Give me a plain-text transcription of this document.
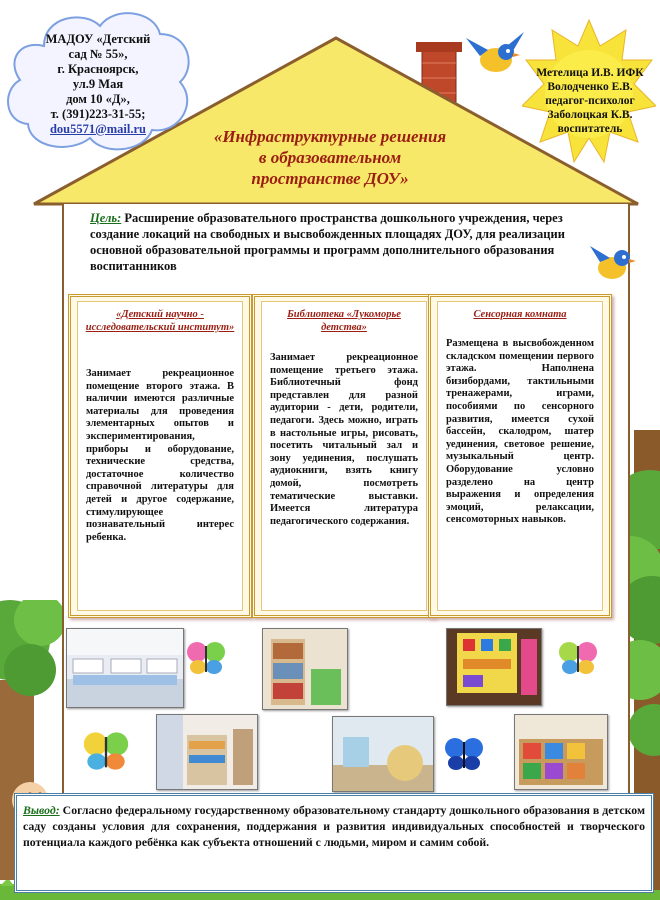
МАДОУ «Детский
сад № 55»,
г. Красноярск,
ул.9 Мая
дом 10 «Д»,
т. (391)223-31-55;
dou5571@mail.ru
Метелица И.В. ИФК
Володченко Е.В.
педагог-психолог
Заболоцкая К.В.
воспитатель
«Инфраструктурные решения
в образовательном
пространстве ДОУ»
Цель: Расширение образовательного пространства дошкольного учреждения, через создание локаций на свободных и высвобожденных площадях ДОУ, для реализации основной образовательной программы и программ дополнительного образования воспитанников
«Детский научно - исследовательский институт»
Занимает рекреационное помещение второго этажа. В наличии имеются различные материалы для проведения элементарных опытов и экспериментирования, приборы и оборудование, технические средства, достаточное количество справочной литературы для детей и другое содержание, стимулирующее познавательный интерес ребенка.
Библиотека «Лукоморье детства»
Занимает рекреационное помещение третьего этажа. Библиотечный фонд представлен для разной аудитории - дети, родители, педагоги. Здесь можно, играть в настольные игры, рисовать, посетить читальный зал и зону уединения, послушать аудиокниги, взять книгу домой, посмотреть тематические выставки. Имеется литература педагогического содержания.
Сенсорная комната
Размещена в высвобожденном складском помещении первого этажа. Наполнена бизибордами, тактильными тренажерами, играми, пособиями по сенсорного развития, имеется сухой бассейн, скалодром, шатер уединения, световое решение, музыкальный центр. Оборудование условно разделено на центр выражения и определения эмоций, релаксации, сенсомоторных навыков.
Вывод: Согласно федеральному государственному образовательному стандарту дошкольного образования в детском саду созданы условия для сохранения, поддержания и развития индивидуальных способностей и творческого потенциала каждого ребёнка как субъекта отношений с людьми, миром и самим собой.
